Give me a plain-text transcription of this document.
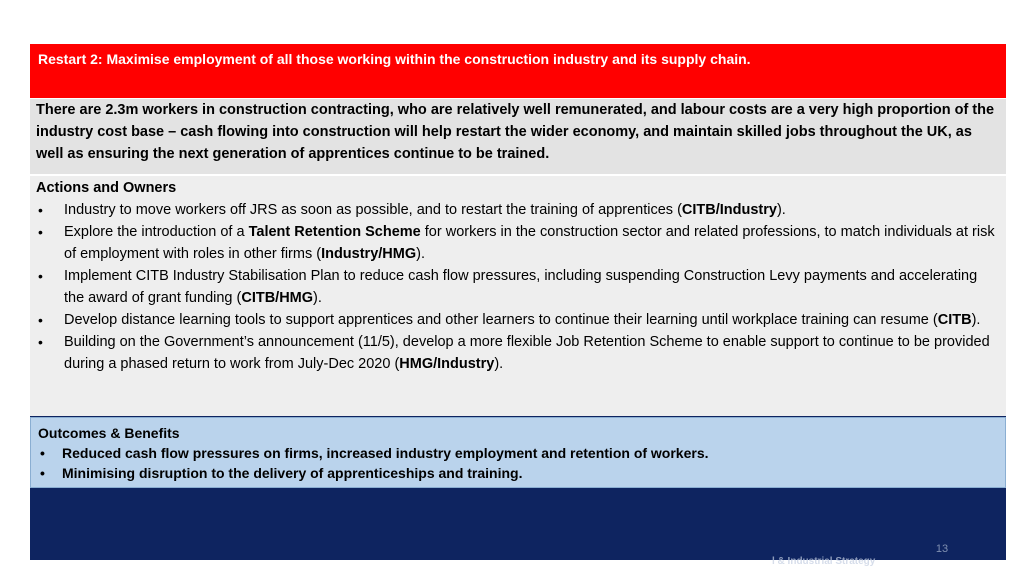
Restart 2: Maximise employment of all those working within the construction industry and its supply chain.

There are 2.3m workers in construction contracting, who are relatively well remunerated, and labour costs are a very high proportion of the industry cost base – cash flowing into construction will help restart the wider economy, and maintain skilled jobs throughout the UK, as well as ensuring the next generation of apprentices continue to be trained.

Actions and Owners
• Industry to move workers off JRS as soon as possible, and to restart the training of apprentices (CITB/Industry).
• Explore the introduction of a Talent Retention Scheme for workers in the construction sector and related professions, to match individuals at risk of employment with roles in other firms (Industry/HMG).
• Implement CITB Industry Stabilisation Plan to reduce cash flow pressures, including suspending Construction Levy payments and accelerating the award of grant funding (CITB/HMG).
• Develop distance learning tools to support apprentices and other learners to continue their learning until workplace training can resume (CITB).
• Building on the Government’s announcement (11/5), develop a more flexible Job Retention Scheme to enable support to continue to be provided during a phased return to work from July-Dec 2020 (HMG/Industry).
Outcomes & Benefits
• Reduced cash flow pressures on firms, increased industry employment and retention of workers.
• Minimising disruption to the delivery of apprenticeships and training.
13
l & Industrial Strategy
